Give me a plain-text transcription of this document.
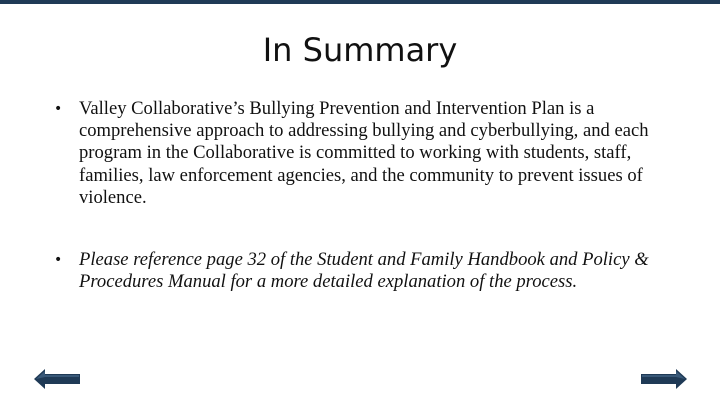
In Summary
• Valley Collaborative’s Bullying Prevention and Intervention Plan is a comprehensive approach to addressing bullying and cyberbullying, and each program in the Collaborative is committed to working with students, staff, families, law enforcement agencies, and the community to prevent issues of violence.
• Please reference page 32 of the Student and Family Handbook and Policy & Procedures Manual for a more detailed explanation of the process.
